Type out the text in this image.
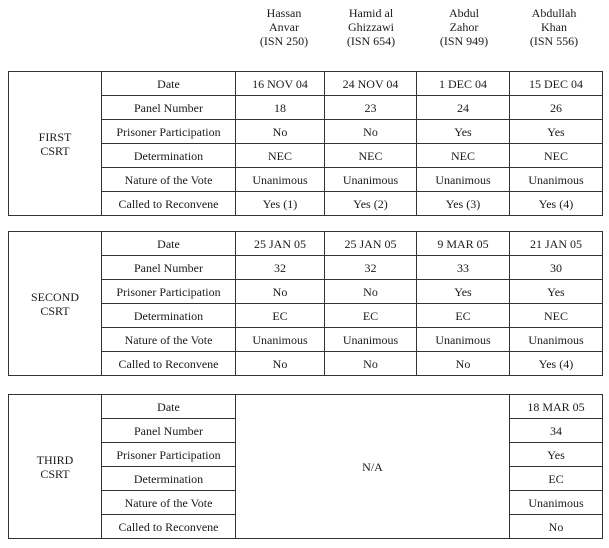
Hassan
Anvar
(ISN 250)
Hamid al
Ghizzawi
(ISN 654)
Abdul
Zahor
(ISN 949)
Abdullah
Khan
(ISN 556)
FIRST
CSRT	Date	16 NOV 04	24 NOV 04	1 DEC 04	15 DEC 04
	Panel Number	18	23	24	26
	Prisoner Participation	No	No	Yes	Yes
	Determination	NEC	NEC	NEC	NEC
	Nature of the Vote	Unanimous	Unanimous	Unanimous	Unanimous
	Called to Reconvene	Yes (1)	Yes (2)	Yes (3)	Yes (4)
SECOND
CSRT	Date	25 JAN 05	25 JAN 05	9 MAR 05	21 JAN 05
	Panel Number	32	32	33	30
	Prisoner Participation	No	No	Yes	Yes
	Determination	EC	EC	EC	NEC
	Nature of the Vote	Unanimous	Unanimous	Unanimous	Unanimous
	Called to Reconvene	No	No	No	Yes (4)
THIRD
CSRT	Date	N/A	18 MAR 05
	Panel Number		34
	Prisoner Participation		Yes
	Determination		EC
	Nature of the Vote		Unanimous
	Called to Reconvene		No
